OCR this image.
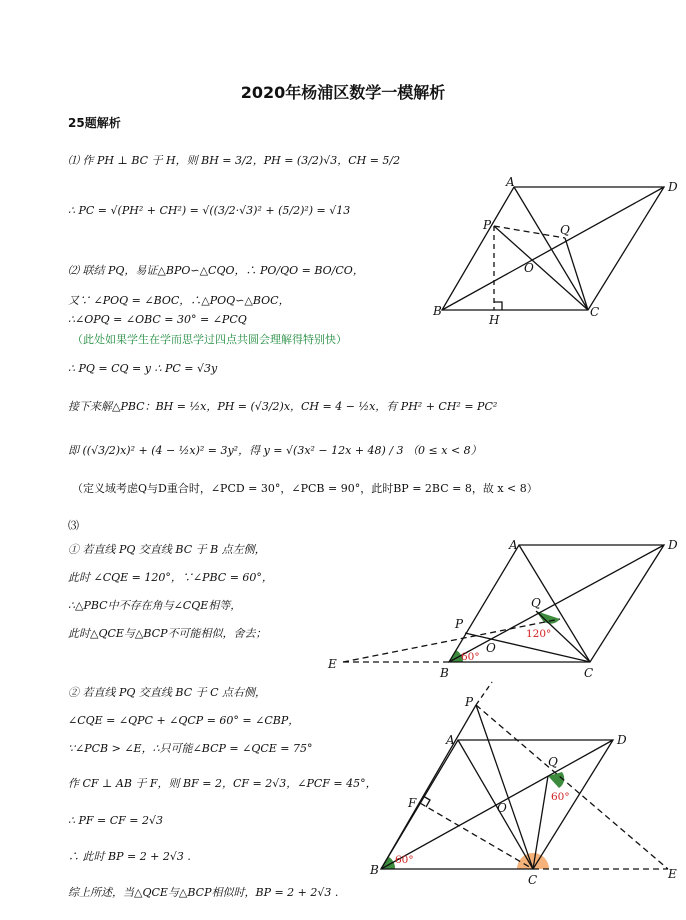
2020年杨浦区数学一模解析
25题解析
⑴ 作 PH ⊥ BC 于 H，则 BH = 3/2，PH = (3/2)√3，CH = 5/2
∴ PC = √(PH² + CH²) = √((3/2·√3)² + (5/2)²) = √13
⑵ 联结 PQ，易证△BPO∽△CQO，∴ PO/QO = BO/CO，
又∵ ∠POQ = ∠BOC，∴△POQ∽△BOC，
∴∠OPQ = ∠OBC = 30° = ∠PCQ
（此处如果学生在学而思学过四点共圆会理解得特别快）
∴ PQ = CQ = y ∴ PC = √3y
接下来解△PBC：BH = ½x，PH = (√3/2)x，CH = 4 − ½x，有 PH² + CH² = PC²
即 ((√3/2)x)² + (4 − ½x)² = 3y²，得 y = √(3x² − 12x + 48) / 3 （0 ≤ x < 8）
（定义域考虑Q与D重合时，∠PCD = 30°，∠PCB = 90°，此时BP = 2BC = 8，故 x < 8）
⑶
① 若直线 PQ 交直线 BC 于 B 点左侧，
此时 ∠CQE = 120°，∵∠PBC = 60°，
∴△PBC中不存在角与∠CQE相等，
此时△QCE与△BCP不可能相似，舍去；
② 若直线 PQ 交直线 BC 于 C 点右侧，
∠CQE = ∠QPC + ∠QCP = 60° = ∠CBP，
∵∠PCB > ∠E，∴只可能∠BCP = ∠QCE = 75°
作 CF ⊥ AB 于 F，则 BF = 2，CF = 2√3，∠PCF = 45°，
∴ PF = CF = 2√3
∴ 此时 BP = 2 + 2√3 .
综上所述，当△QCE与△BCP相似时，BP = 2 + 2√3 .
A	D
B	C
P	Q
O
H
A	D
B	C
P
Q
O
E	60°
120°
P
A	D
B
C
Q
O
E
F
60°
60°
